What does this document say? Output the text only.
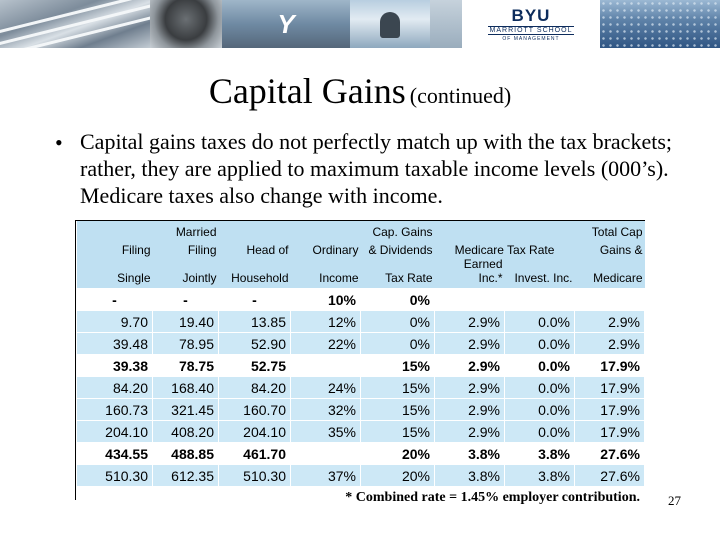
Y	BYU
MARRIOTT SCHOOL
OF MANAGEMENT
Capital Gains (continued)
• Capital gains taxes do not perfectly match up with the tax brackets; rather, they are applied to maximum taxable income levels (000’s). Medicare taxes also change with income.
	Married			Cap. Gains			Total Cap
Filing	Filing	Head of	Ordinary	& Dividends	Medicare Tax Rate		Gains &
Single	Jointly	Household	Income	Tax Rate	Earned Inc.*	Invest. Inc.	Medicare
-	-	-	10%	0%			
9.70	19.40	13.85	12%	0%	2.9%	0.0%	2.9%
39.48	78.95	52.90	22%	0%	2.9%	0.0%	2.9%
39.38	78.75	52.75		15%	2.9%	0.0%	17.9%
84.20	168.40	84.20	24%	15%	2.9%	0.0%	17.9%
160.73	321.45	160.70	32%	15%	2.9%	0.0%	17.9%
204.10	408.20	204.10	35%	15%	2.9%	0.0%	17.9%
434.55	488.85	461.70		20%	3.8%	3.8%	27.6%
510.30	612.35	510.30	37%	20%	3.8%	3.8%	27.6%
* Combined rate = 1.45% employer contribution.							27
